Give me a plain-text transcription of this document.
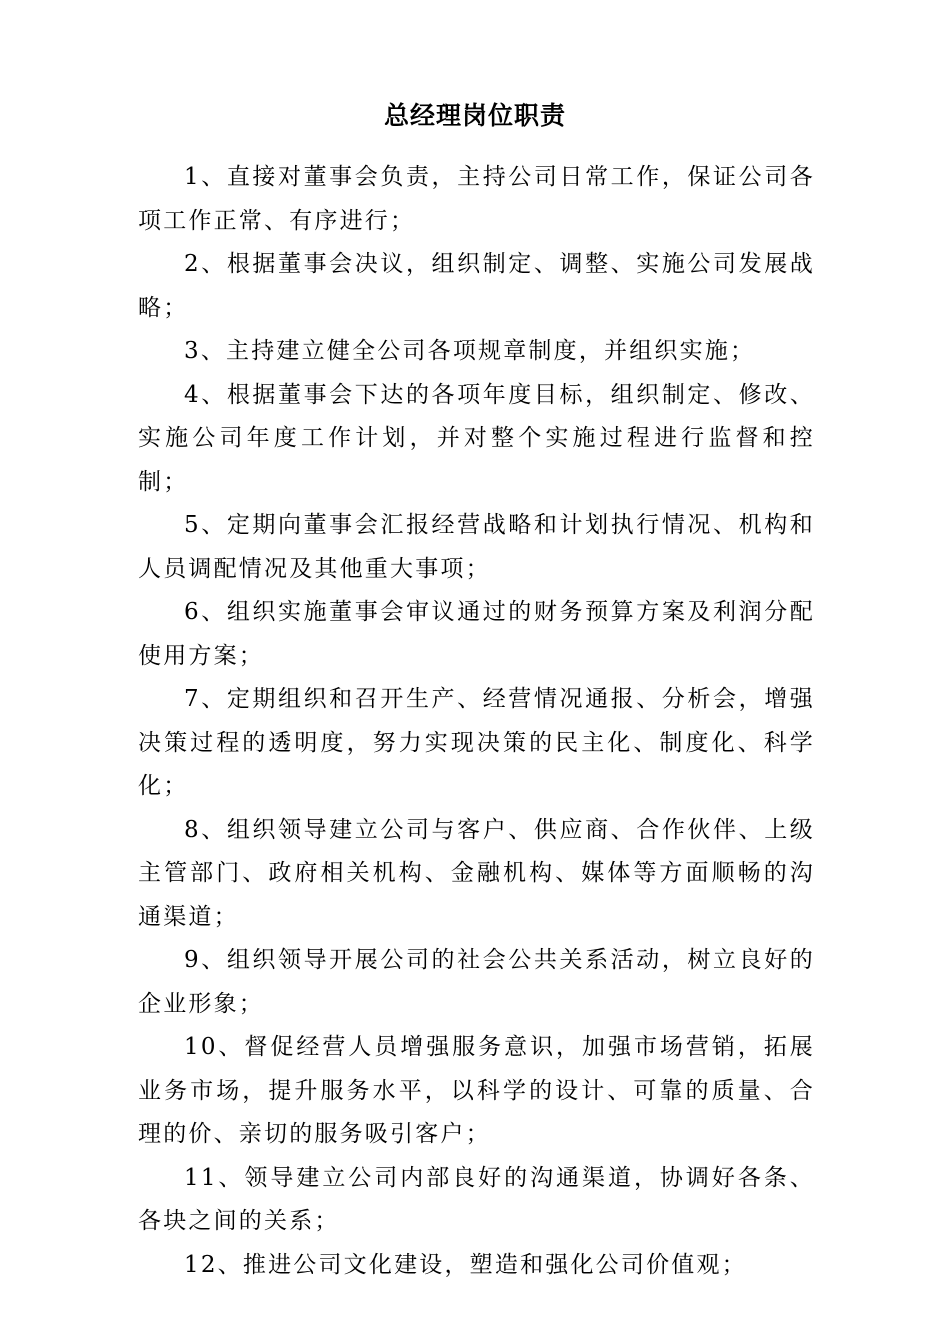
总经理岗位职责

1、直接对董事会负责，主持公司日常工作，保证公司各项工作正常、有序进行；

2、根据董事会决议，组织制定、调整、实施公司发展战略；

3、主持建立健全公司各项规章制度，并组织实施；

4、根据董事会下达的各项年度目标，组织制定、修改、实施公司年度工作计划，并对整个实施过程进行监督和控制；

5、定期向董事会汇报经营战略和计划执行情况、机构和人员调配情况及其他重大事项；

6、组织实施董事会审议通过的财务预算方案及利润分配使用方案；

7、定期组织和召开生产、经营情况通报、分析会，增强决策过程的透明度，努力实现决策的民主化、制度化、科学化；

8、组织领导建立公司与客户、供应商、合作伙伴、上级主管部门、政府相关机构、金融机构、媒体等方面顺畅的沟通渠道；

9、组织领导开展公司的社会公共关系活动，树立良好的企业形象；

10、督促经营人员增强服务意识，加强市场营销，拓展业务市场，提升服务水平，以科学的设计、可靠的质量、合理的价、亲切的服务吸引客户；

11、领导建立公司内部良好的沟通渠道，协调好各条、各块之间的关系；

12、推进公司文化建设，塑造和强化公司价值观；
